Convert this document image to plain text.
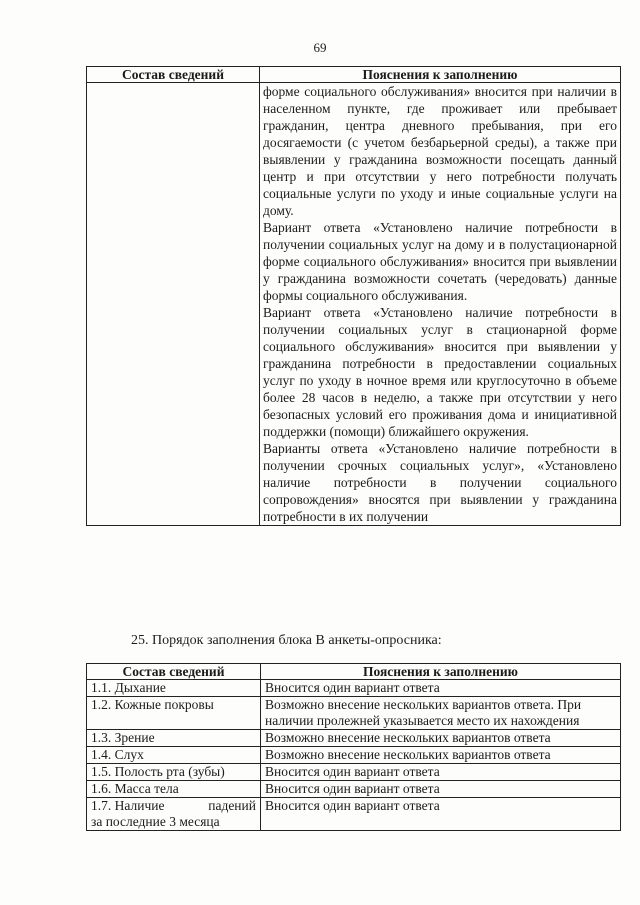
69
Состав сведений	Пояснения к заполнению

	форме социального обслуживания» вносится при наличии в населенном пункте, где проживает или пребывает гражданин, центра дневного пребывания, при его досягаемости (с учетом безбарьерной среды), а также при выявлении у гражданина возможности посещать данный центр и при отсутствии у него потребности получать социальные услуги по уходу и иные социальные услуги на дому.

Вариант ответа «Установлено наличие потребности в получении социальных услуг на дому и в полустационарной форме социального обслуживания» вносится при выявлении у гражданина возможности сочетать (чередовать) данные формы социального обслуживания.

Вариант ответа «Установлено наличие потребности в получении социальных услуг в стационарной форме социального обслуживания» вносится при выявлении у гражданина потребности в предоставлении социальных услуг по уходу в ночное время или круглосуточно в объеме более 28 часов в неделю, а также при отсутствии у него безопасных условий его проживания дома и инициативной поддержки (помощи) ближайшего окружения.

Варианты ответа «Установлено наличие потребности в получении срочных социальных услуг», «Установлено наличие потребности в получении социального сопровождения» вносятся при выявлении у гражданина потребности в их получении

25. Порядок заполнения блока В анкеты-опросника:
Состав сведений	Пояснения к заполнению
1.1. Дыхание	Вносится один вариант ответа
1.2. Кожные покровы	Возможно внесение нескольких вариантов ответа. При наличии пролежней указывается место их нахождения
1.3. Зрение	Возможно внесение нескольких вариантов ответа
1.4. Слух	Возможно внесение нескольких вариантов ответа
1.5. Полость рта (зубы)	Вносится один вариант ответа
1.6. Масса тела	Вносится один вариант ответа

1.7. Наличие падений
за последние 3 месяца	Вносится один вариант ответа
